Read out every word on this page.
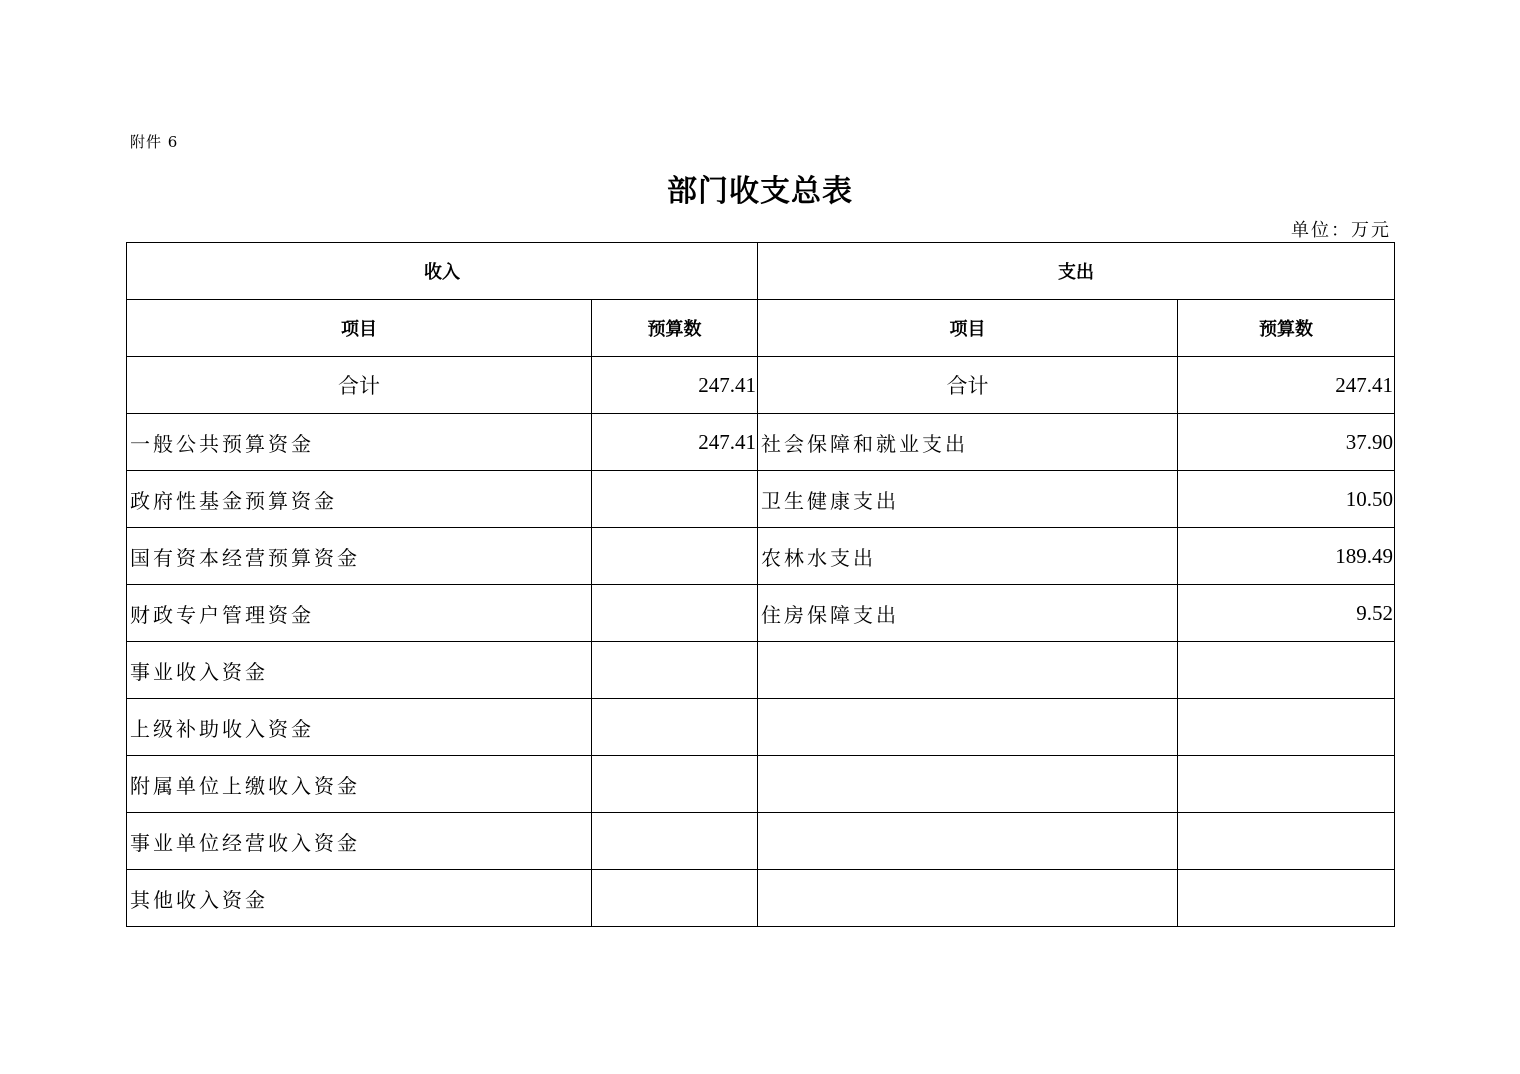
附件 6
部门收支总表
单位：万元
收入		支出	
项目	预算数	项目	预算数
合计	247.41	合计	247.41
一般公共预算资金	247.41	社会保障和就业支出	37.90
政府性基金预算资金		卫生健康支出	10.50
国有资本经营预算资金		农林水支出	189.49
财政专户管理资金		住房保障支出	9.52
事业收入资金			
上级补助收入资金			
附属单位上缴收入资金			
事业单位经营收入资金			
其他收入资金			
